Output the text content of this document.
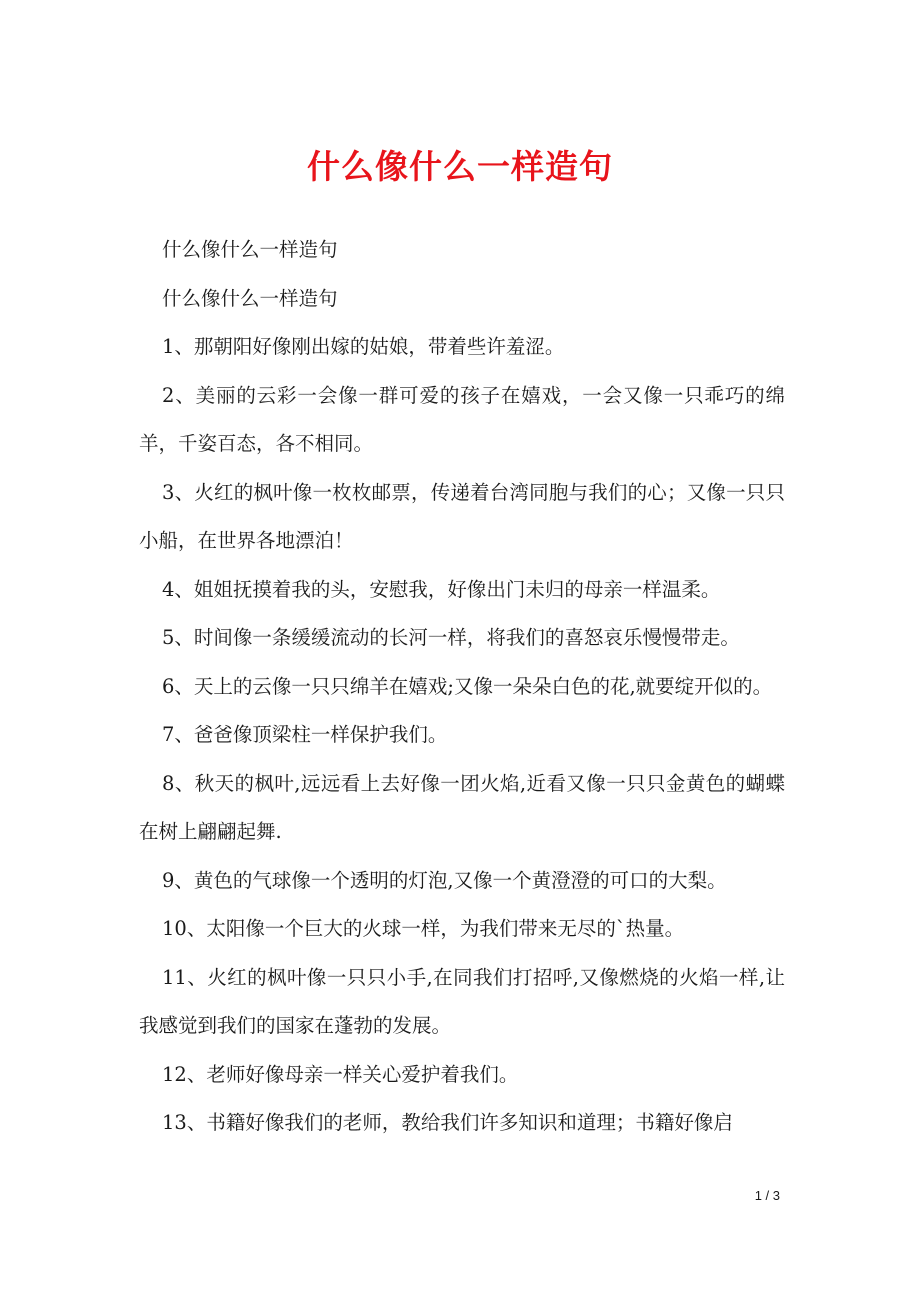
什么像什么一样造句

什么像什么一样造句

什么像什么一样造句

1、那朝阳好像刚出嫁的姑娘，带着些许羞涩。

2、美丽的云彩一会像一群可爱的孩子在嬉戏，一会又像一只乖巧的绵羊，千姿百态，各不相同。

3、火红的枫叶像一枚枚邮票，传递着台湾同胞与我们的心；又像一只只小船，在世界各地漂泊！

4、姐姐抚摸着我的头，安慰我，好像出门未归的母亲一样温柔。

5、时间像一条缓缓流动的长河一样，将我们的喜怒哀乐慢慢带走。

6、天上的云像一只只绵羊在嬉戏;又像一朵朵白色的花,就要绽开似的。

7、爸爸像顶梁柱一样保护我们。

8、秋天的枫叶,远远看上去好像一团火焰,近看又像一只只金黄色的蝴蝶在树上翩翩起舞.

9、黄色的气球像一个透明的灯泡,又像一个黄澄澄的可口的大梨。

10、太阳像一个巨大的火球一样，为我们带来无尽的`热量。

11、火红的枫叶像一只只小手,在同我们打招呼,又像燃烧的火焰一样,让我感觉到我们的国家在蓬勃的发展。

12、老师好像母亲一样关心爱护着我们。

13、书籍好像我们的老师，教给我们许多知识和道理；书籍好像启

1 / 3
